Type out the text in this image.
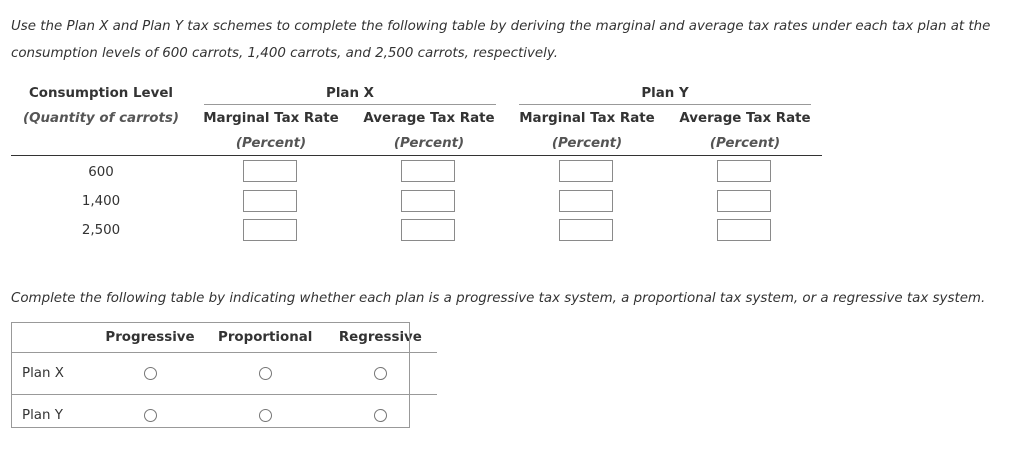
Use the Plan X and Plan Y tax schemes to complete the following table by deriving the marginal and average tax rates under each tax plan at the
consumption levels of 600 carrots, 1,400 carrots, and 2,500 carrots, respectively.
Consumption Level
(Quantity of carrots)
Plan X	Plan Y
Marginal Tax Rate	Average Tax Rate	Marginal Tax Rate	Average Tax Rate
(Percent)	(Percent)	(Percent)	(Percent)
600
1,400
2,500
Complete the following table by indicating whether each plan is a progressive tax system, a proportional tax system, or a regressive tax system.
	Progressive	Proportional	Regressive
Plan X			
Plan Y			
